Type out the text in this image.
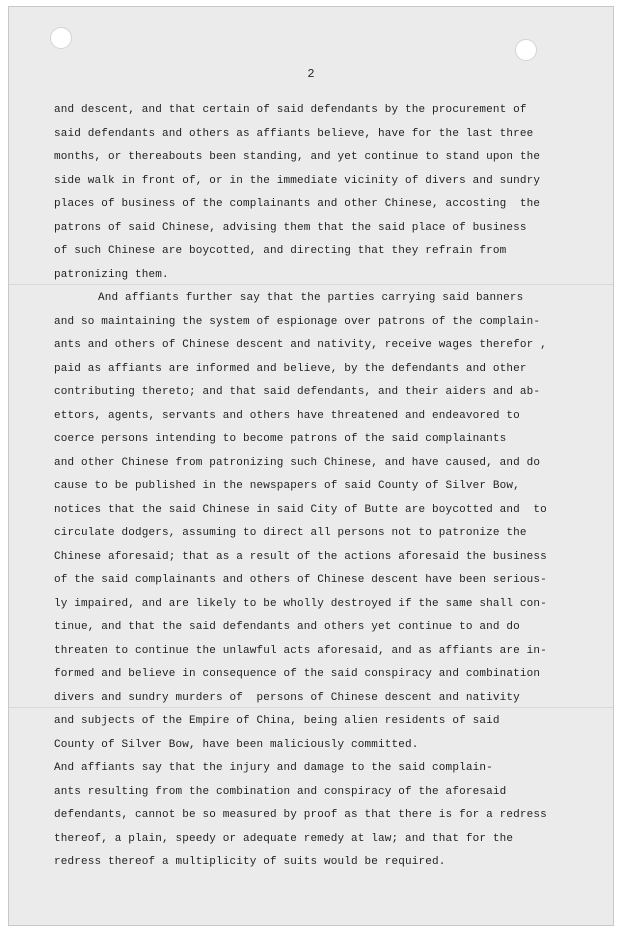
2
and descent, and that certain of said defendants by the procurement of
said defendants and others as affiants believe, have for the last three
months, or thereabouts been standing, and yet continue to stand upon the
side walk in front of, or in the immediate vicinity of divers and sundry
places of business of the complainants and other Chinese, accosting  the
patrons of said Chinese, advising them that the said place of business
of such Chinese are boycotted, and directing that they refrain from
patronizing them.
And affiants further say that the parties carrying said banners
and so maintaining the system of espionage over patrons of the complain-
ants and others of Chinese descent and nativity, receive wages therefor ,
paid as affiants are informed and believe, by the defendants and other
contributing thereto; and that said defendants, and their aiders and ab-
ettors, agents, servants and others have threatened and endeavored to
coerce persons intending to become patrons of the said complainants
and other Chinese from patronizing such Chinese, and have caused, and do
cause to be published in the newspapers of said County of Silver Bow,
notices that the said Chinese in said City of Butte are boycotted and  to
circulate dodgers, assuming to direct all persons not to patronize the
Chinese aforesaid; that as a result of the actions aforesaid the business
of the said complainants and others of Chinese descent have been serious-
ly impaired, and are likely to be wholly destroyed if the same shall con-
tinue, and that the said defendants and others yet continue to and do
threaten to continue the unlawful acts aforesaid, and as affiants are in-
formed and believe in consequence of the said conspiracy and combination
divers and sundry murders of  persons of Chinese descent and nativity
and subjects of the Empire of China, being alien residents of said
County of Silver Bow, have been maliciously committed.
And affiants say that the injury and damage to the said complain-
ants resulting from the combination and conspiracy of the aforesaid
defendants, cannot be so measured by proof as that there is for a redress
thereof, a plain, speedy or adequate remedy at law; and that for the
redress thereof a multiplicity of suits would be required.
